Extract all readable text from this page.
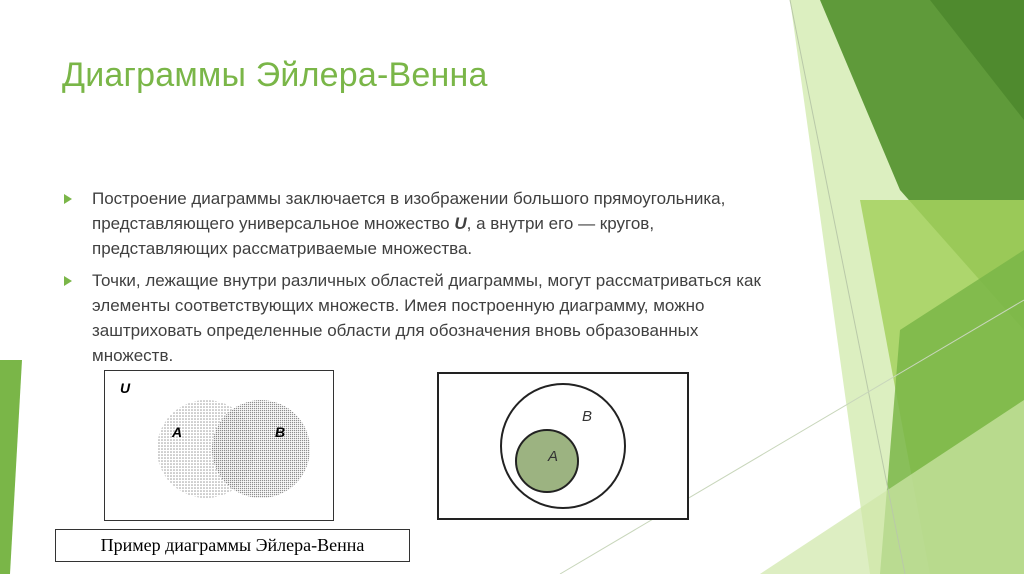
Диаграммы Эйлера-Венна
Построение диаграммы заключается в изображении большого прямоугольника, представляющего универсальное множество U, а внутри его — кругов, представляющих рассматриваемые множества.
Точки, лежащие внутри различных областей диаграммы, могут рассматриваться как элементы соответствующих множеств. Имея построенную диаграмму, можно заштриховать определенные области для обозначения вновь образованных множеств.
U
A	B
B
A
Пример диаграммы Эйлера-Венна
